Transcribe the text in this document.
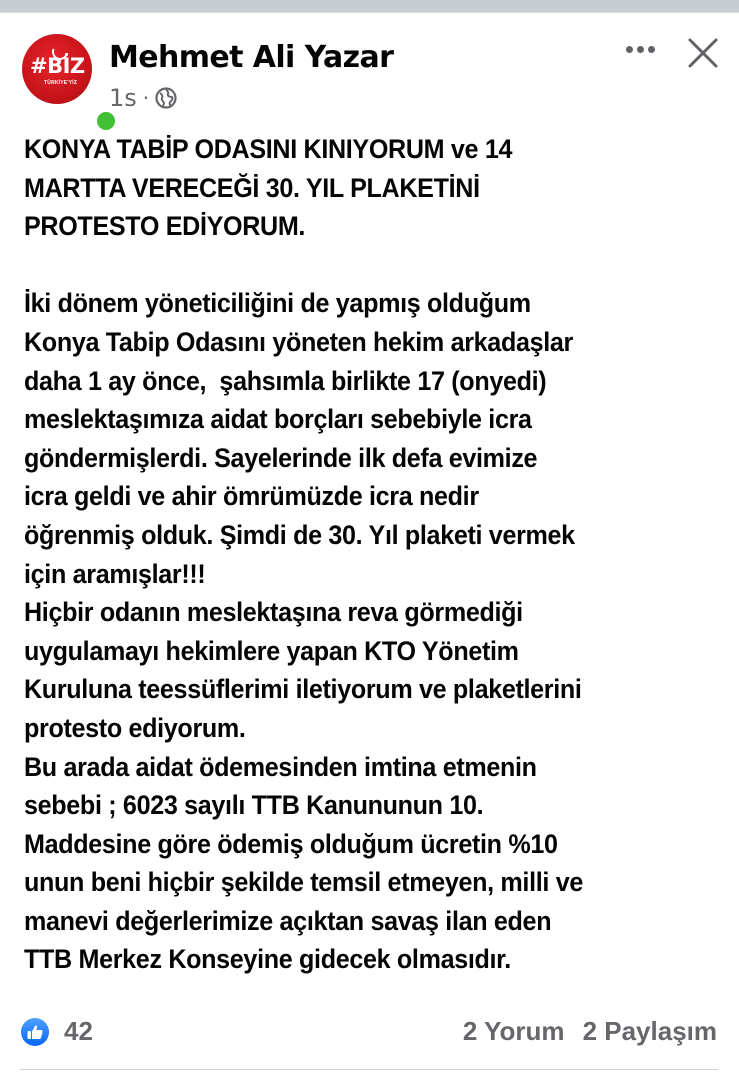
#BİZ
TÜRKİYE'YİZ
Mehmet Ali Yazar
1s ·
KONYA TABİP ODASINI KINIYORUM ve 14
MARTTA VERECEĞİ 30. YIL PLAKETİNİ
PROTESTO EDİYORUM.
İki dönem yöneticiliğini de yapmış olduğum
Konya Tabip Odasını yöneten hekim arkadaşlar
daha 1 ay önce,  şahsımla birlikte 17 (onyedi)
meslektaşımıza aidat borçları sebebiyle icra
göndermişlerdi. Sayelerinde ilk defa evimize
icra geldi ve ahir ömrümüzde icra nedir
öğrenmiş olduk. Şimdi de 30. Yıl plaketi vermek
için aramışlar!!!
Hiçbir odanın meslektaşına reva görmediği
uygulamayı hekimlere yapan KTO Yönetim
Kuruluna teessüflerimi iletiyorum ve plaketlerini
protesto ediyorum.
Bu arada aidat ödemesinden imtina etmenin
sebebi ; 6023 sayılı TTB Kanununun 10.
Maddesine göre ödemiş olduğum ücretin %10
unun beni hiçbir şekilde temsil etmeyen, milli ve
manevi değerlerimize açıktan savaş ilan eden
TTB Merkez Konseyine gidecek olmasıdır.
42	2 Yorum 2 Paylaşım
